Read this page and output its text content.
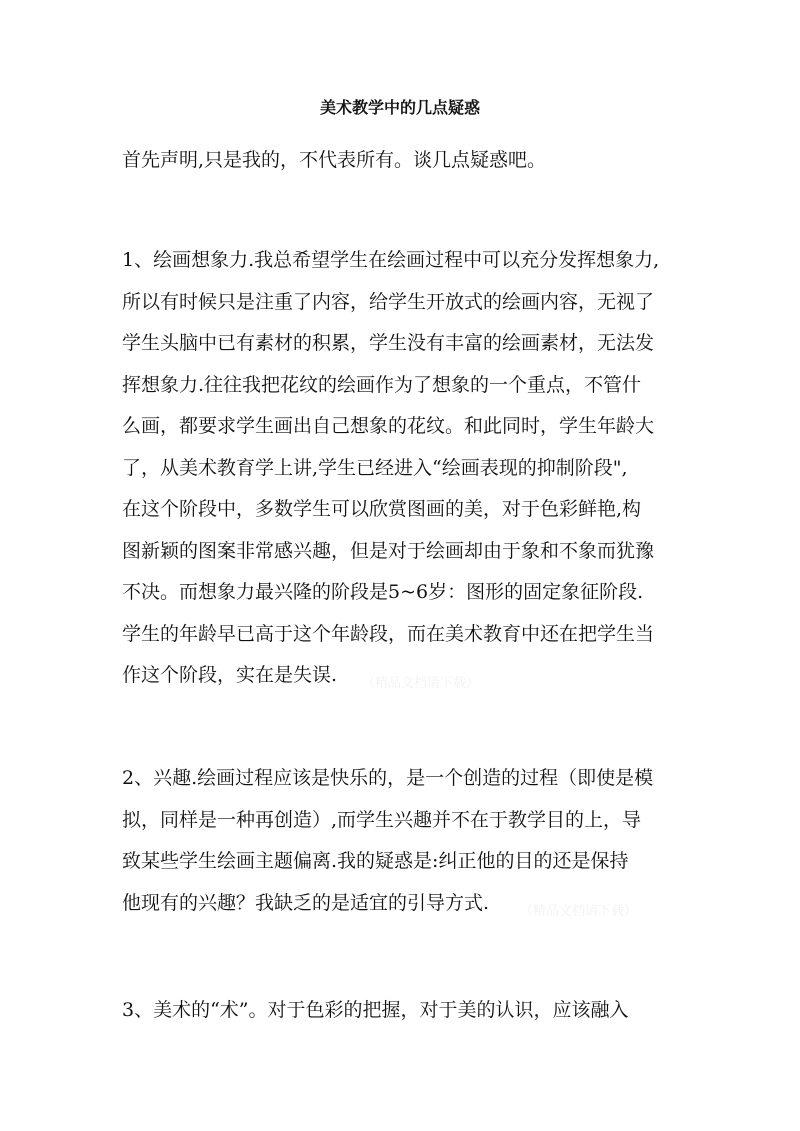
美术教学中的几点疑惑
首先声明,只是我的，不代表所有。谈几点疑惑吧。
1、绘画想象力.我总希望学生在绘画过程中可以充分发挥想象力,
所以有时候只是注重了内容，给学生开放式的绘画内容，无视了
学生头脑中已有素材的积累，学生没有丰富的绘画素材，无法发
挥想象力.往往我把花纹的绘画作为了想象的一个重点，不管什
么画，都要求学生画出自己想象的花纹。和此同时，学生年龄大
了，从美术教育学上讲,学生已经进入“绘画表现的抑制阶段",
在这个阶段中，多数学生可以欣赏图画的美，对于色彩鲜艳,构
图新颖的图案非常感兴趣，但是对于绘画却由于象和不象而犹豫
不决。而想象力最兴隆的阶段是5~6岁：图形的固定象征阶段.
学生的年龄早已高于这个年龄段，而在美术教育中还在把学生当
作这个阶段，实在是失误.	（精品文档请下载）
2、兴趣.绘画过程应该是快乐的，是一个创造的过程（即使是模
拟，同样是一种再创造）,而学生兴趣并不在于教学目的上，导
致某些学生绘画主题偏离.我的疑惑是:纠正他的目的还是保持
他现有的兴趣？我缺乏的是适宜的引导方式.	（精品文档请下载）
3、美术的“术”。对于色彩的把握，对于美的认识，应该融入
